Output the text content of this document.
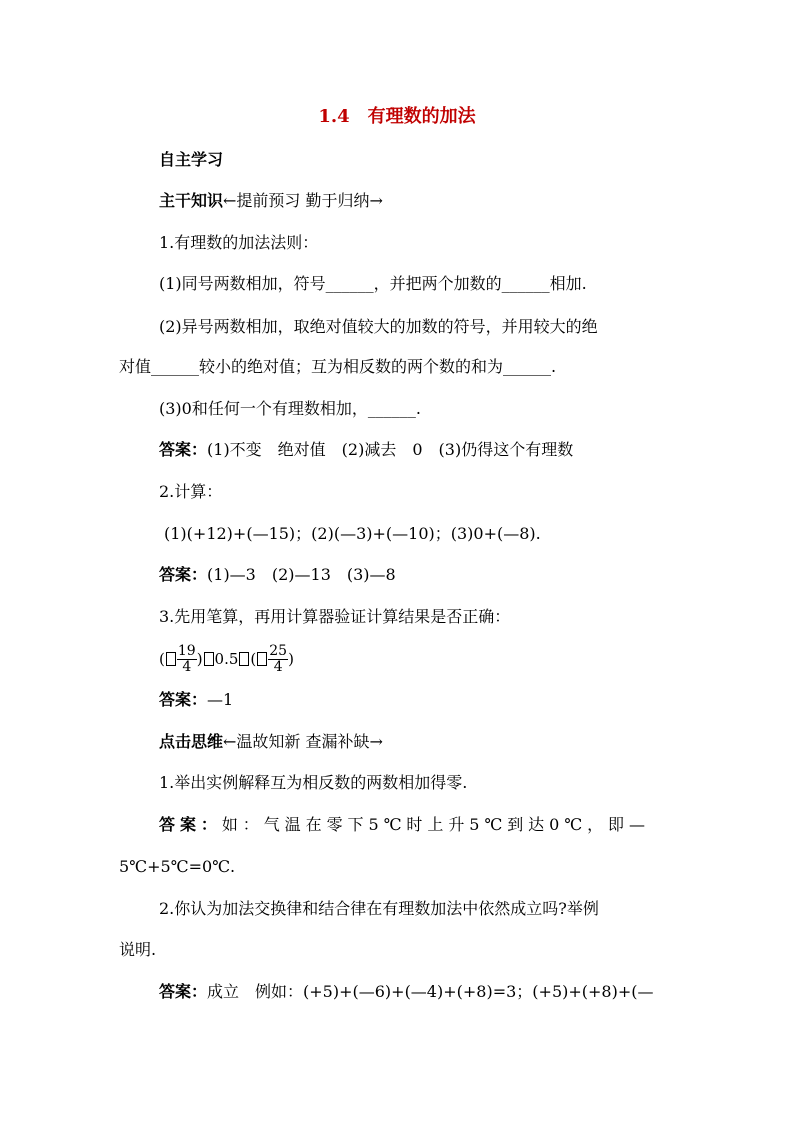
1.4　有理数的加法
自主学习
主干知识←提前预习 勤于归纳→
1.有理数的加法法则：
(1)同号两数相加，符号______，并把两个加数的______相加.
(2)异号两数相加，取绝对值较大的加数的符号，并用较大的绝
对值______较小的绝对值；互为相反数的两个数的和为______.
(3)0和任何一个有理数相加，______.
答案：(1)不变　绝对值　(2)减去　0　(3)仍得这个有理数
2.计算：
(1)(+12)+(—15)；(2)(—3)+(—10)；(3)0+(—8).
答案：(1)—3　(2)—13　(3)—8
3.先用笔算，再用计算器验证计算结果是否正确：
( $\frac{19}{4}$ ) 0.5 ( $\frac{25}{4}$ )
答案：—1
点击思维←温故知新 查漏补缺→
1.举出实例解释互为相反数的两数相加得零.
答案：如：气温在零下5℃时上升5℃到达0℃，即—
5℃+5℃=0℃.
2.你认为加法交换律和结合律在有理数加法中依然成立吗?举例
说明.
答案：成立　例如：(+5)+(—6)+(—4)+(+8)=3；(+5)+(+8)+(—
